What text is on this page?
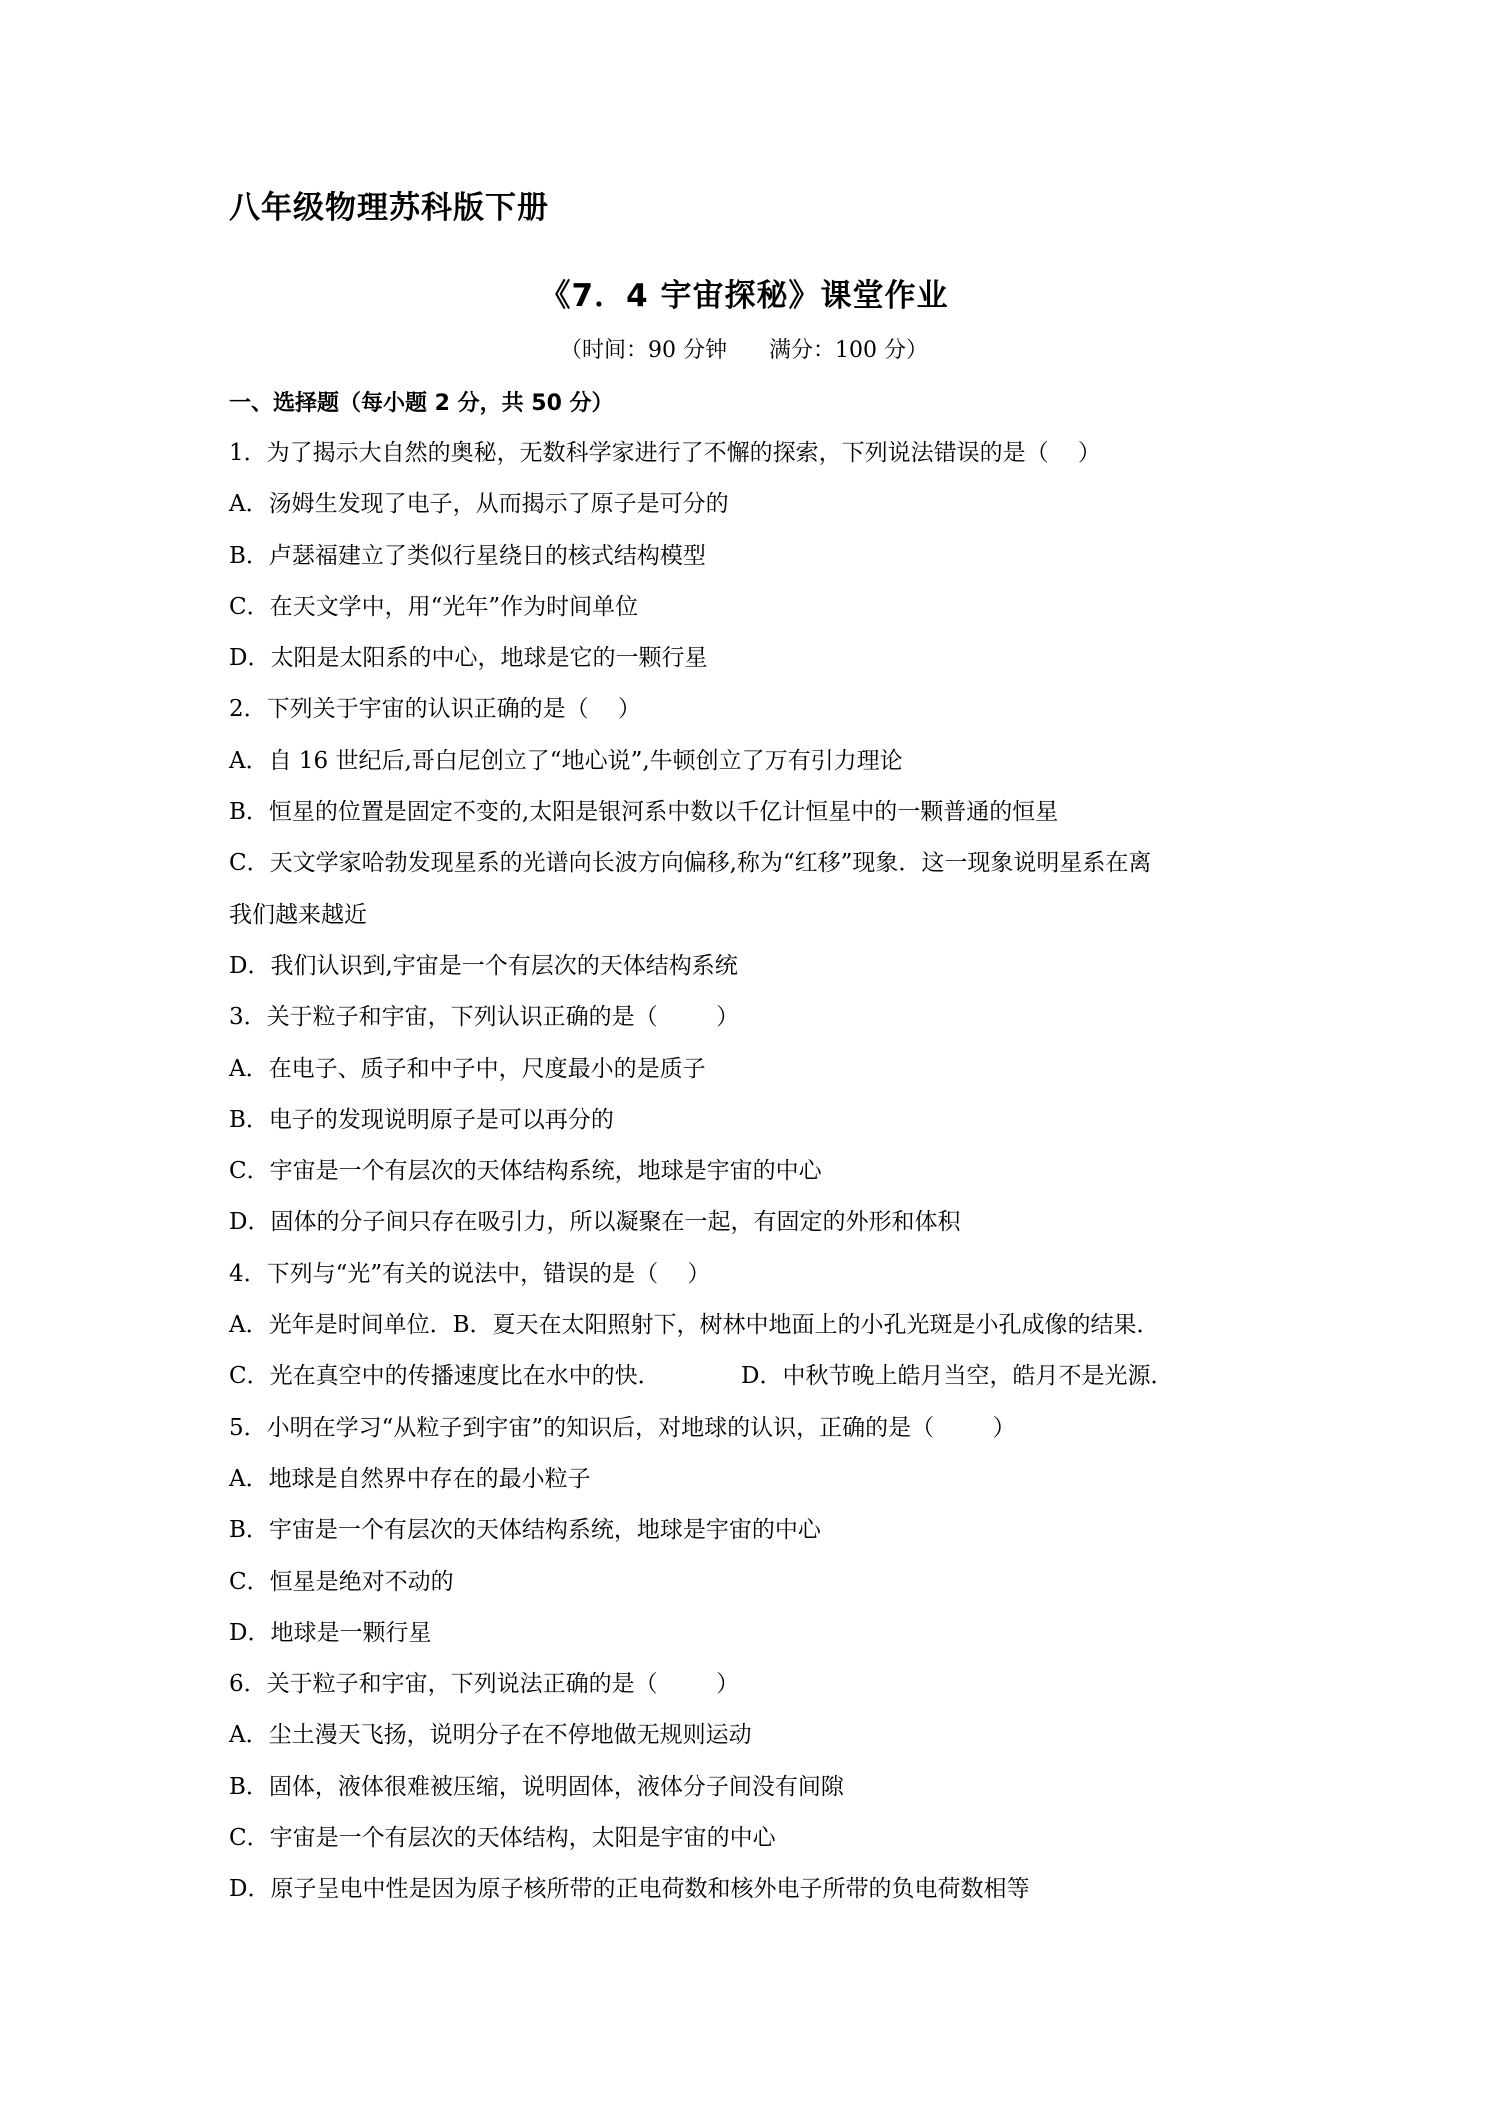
八年级物理苏科版下册
《7．4 宇宙探秘》课堂作业
（时间：90 分钟      满分：100 分）
一、选择题（每小题 2 分，共 50 分）
1．为了揭示大自然的奥秘，无数科学家进行了不懈的探索，下列说法错误的是（    ）
A．汤姆生发现了电子，从而揭示了原子是可分的
B．卢瑟福建立了类似行星绕日的核式结构模型
C．在天文学中，用“光年”作为时间单位
D．太阳是太阳系的中心，地球是它的一颗行星
2．下列关于宇宙的认识正确的是（    ）
A．自 16 世纪后,哥白尼创立了“地心说”,牛顿创立了万有引力理论
B．恒星的位置是固定不变的,太阳是银河系中数以千亿计恒星中的一颗普通的恒星
C．天文学家哈勃发现星系的光谱向长波方向偏移,称为“红移”现象．这一现象说明星系在离
我们越来越近
D．我们认识到,宇宙是一个有层次的天体结构系统
3．关于粒子和宇宙，下列认识正确的是（        ）
A．在电子、质子和中子中，尺度最小的是质子
B．电子的发现说明原子是可以再分的
C．宇宙是一个有层次的天体结构系统，地球是宇宙的中心
D．固体的分子间只存在吸引力，所以凝聚在一起，有固定的外形和体积
4．下列与“光”有关的说法中，错误的是（    ）
A．光年是时间单位．B．夏天在太阳照射下，树林中地面上的小孔光斑是小孔成像的结果．
C．光在真空中的传播速度比在水中的快．           D．中秋节晚上皓月当空，皓月不是光源．
5．小明在学习“从粒子到宇宙”的知识后，对地球的认识，正确的是（        ）
A．地球是自然界中存在的最小粒子
B．宇宙是一个有层次的天体结构系统，地球是宇宙的中心
C．恒星是绝对不动的
D．地球是一颗行星
6．关于粒子和宇宙，下列说法正确的是（        ）
A．尘土漫天飞扬，说明分子在不停地做无规则运动
B．固体，液体很难被压缩，说明固体，液体分子间没有间隙
C．宇宙是一个有层次的天体结构，太阳是宇宙的中心
D．原子呈电中性是因为原子核所带的正电荷数和核外电子所带的负电荷数相等
